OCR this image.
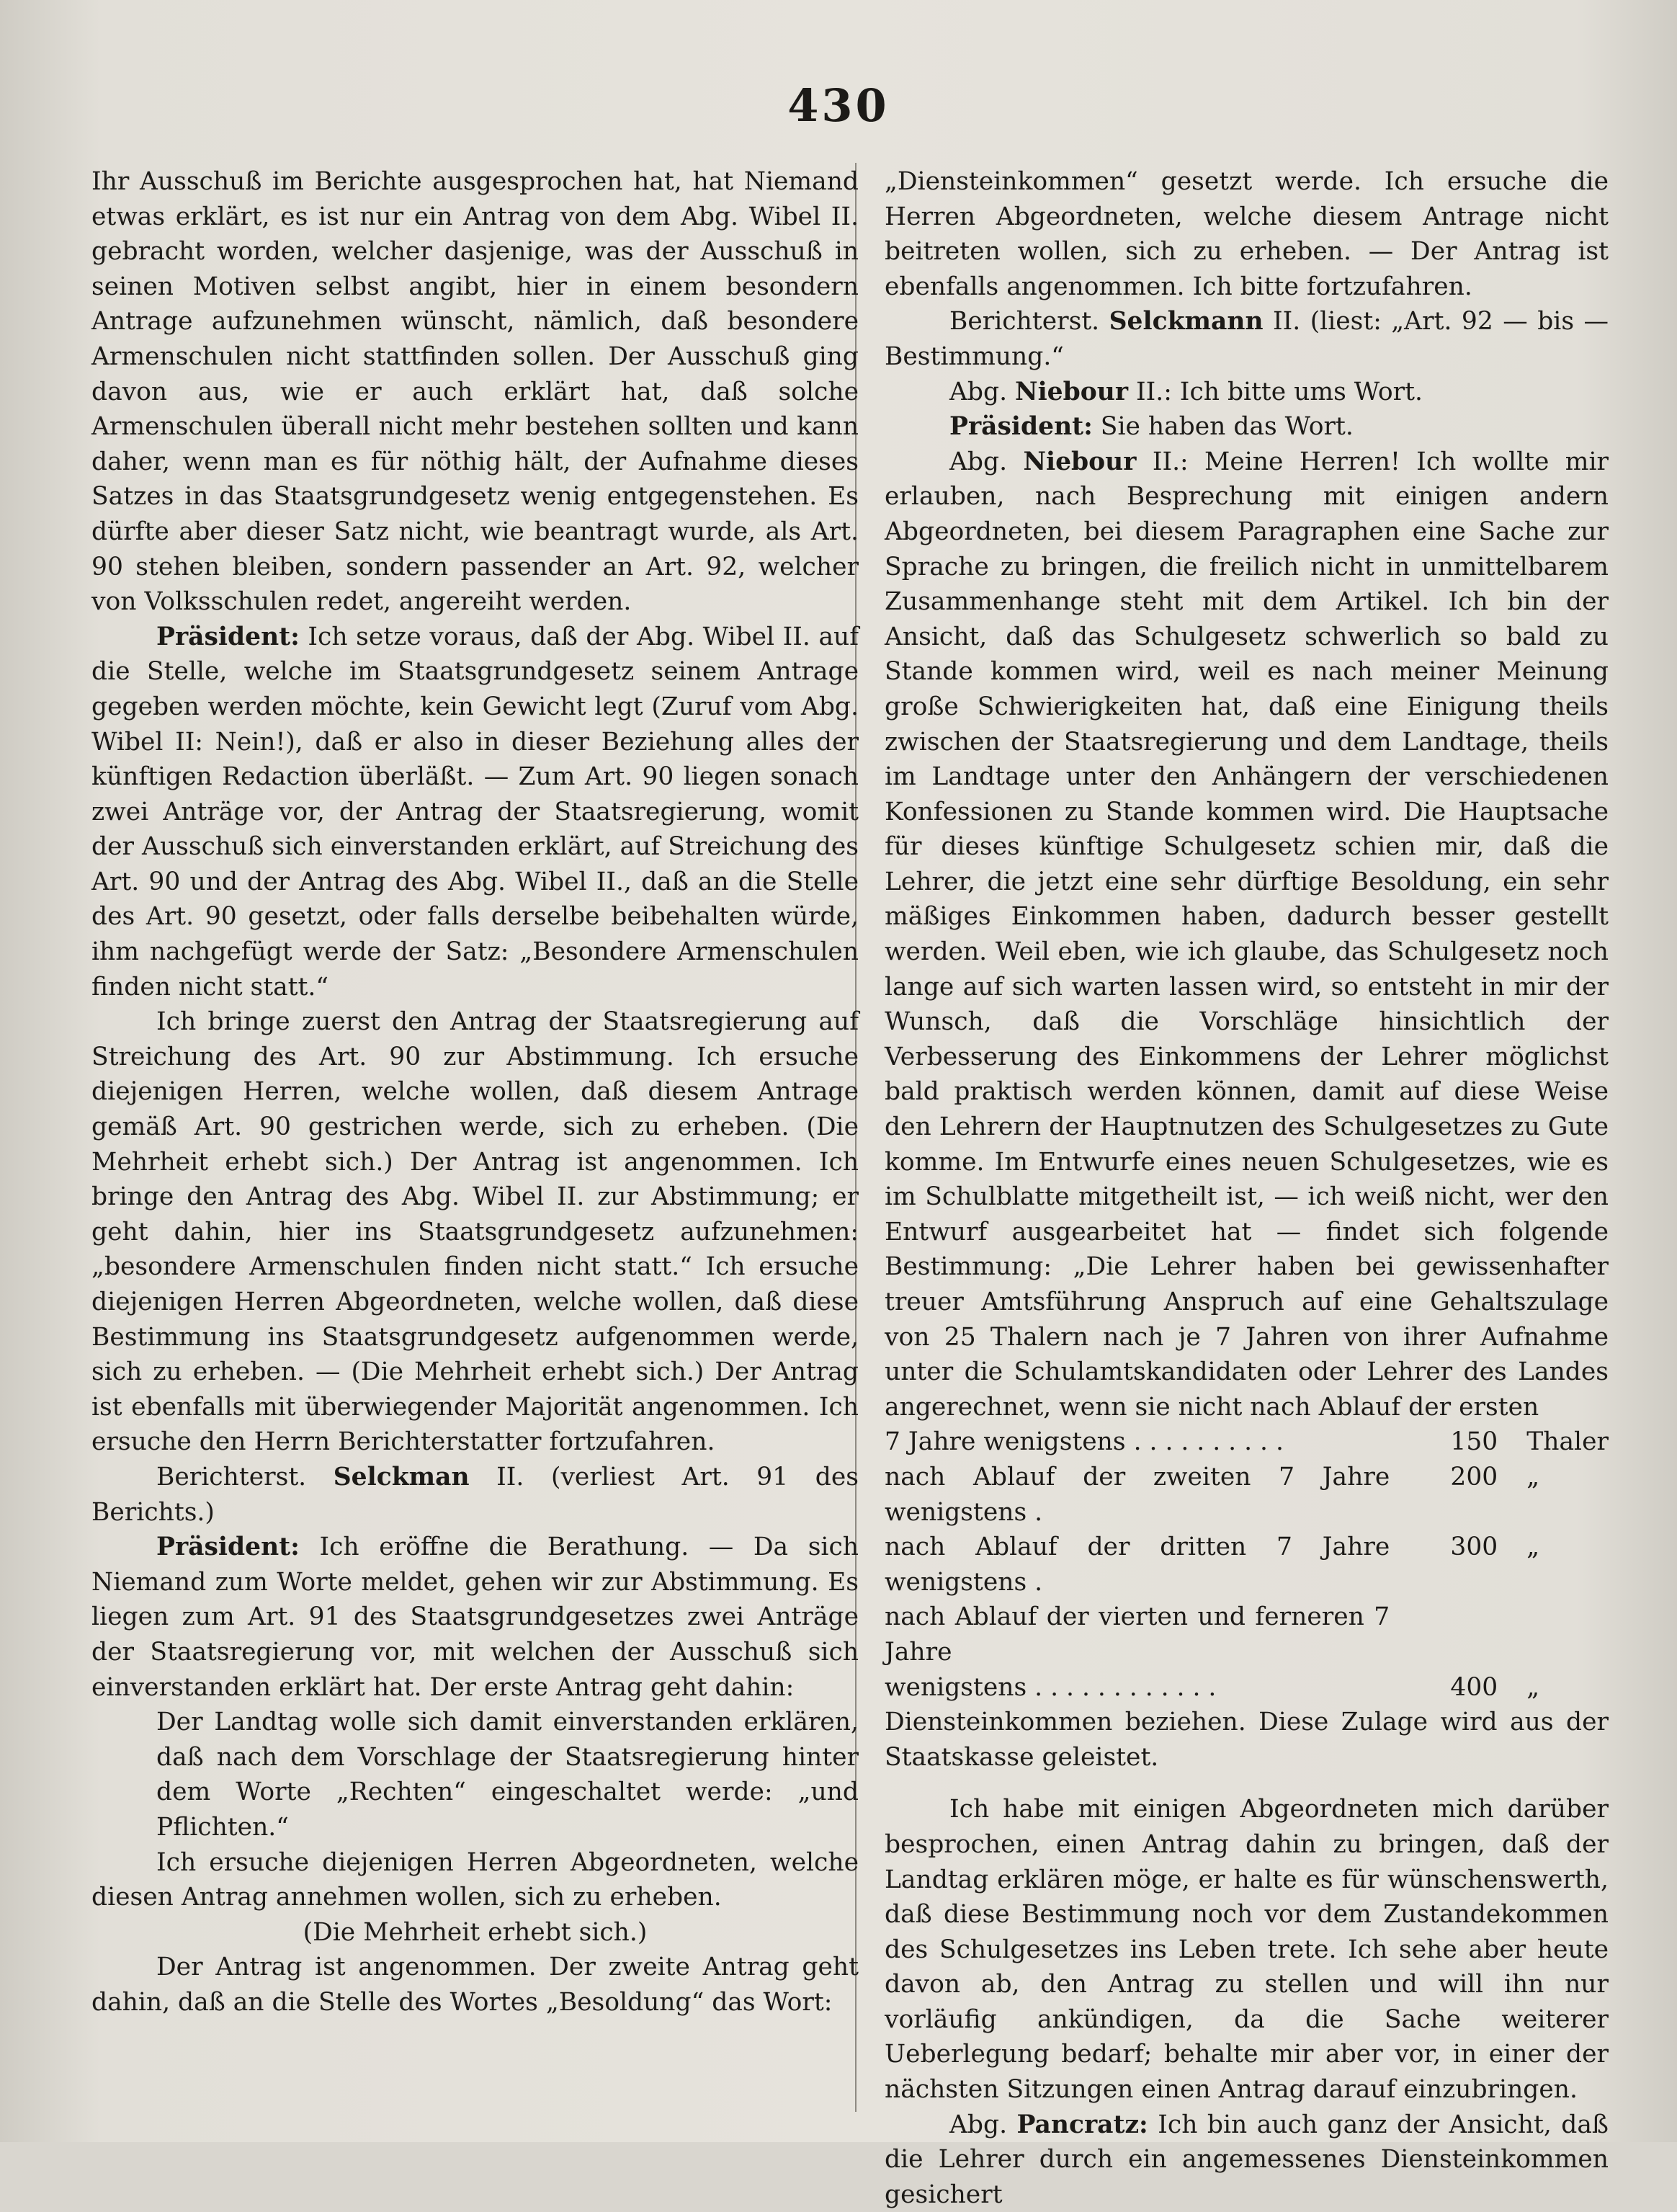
430

Ihr Ausschuß im Berichte ausgesprochen hat, hat Niemand etwas erklärt, es ist nur ein Antrag von dem Abg. Wibel II. gebracht worden, welcher dasjenige, was der Ausschuß in seinen Motiven selbst angibt, hier in einem besondern Antrage aufzunehmen wünscht, nämlich, daß besondere Armenschulen nicht stattfinden sollen. Der Ausschuß ging davon aus, wie er auch erklärt hat, daß solche Armenschulen überall nicht mehr bestehen sollten und kann daher, wenn man es für nöthig hält, der Aufnahme dieses Satzes in das Staatsgrundgesetz wenig entgegenstehen. Es dürfte aber dieser Satz nicht, wie beantragt wurde, als Art. 90 stehen bleiben, sondern passender an Art. 92, welcher von Volksschulen redet, angereiht werden.

Präsident: Ich setze voraus, daß der Abg. Wibel II. auf die Stelle, welche im Staatsgrundgesetz seinem Antrage gegeben werden möchte, kein Gewicht legt (Zuruf vom Abg. Wibel II: Nein!), daß er also in dieser Beziehung alles der künftigen Redaction überläßt. — Zum Art. 90 liegen sonach zwei Anträge vor, der Antrag der Staatsregierung, womit der Ausschuß sich einverstanden erklärt, auf Streichung des Art. 90 und der Antrag des Abg. Wibel II., daß an die Stelle des Art. 90 gesetzt, oder falls derselbe beibehalten würde, ihm nachgefügt werde der Satz: „Besondere Armenschulen finden nicht statt.“

Ich bringe zuerst den Antrag der Staatsregierung auf Streichung des Art. 90 zur Abstimmung. Ich ersuche diejenigen Herren, welche wollen, daß diesem Antrage gemäß Art. 90 gestrichen werde, sich zu erheben. (Die Mehrheit erhebt sich.) Der Antrag ist angenommen. Ich bringe den Antrag des Abg. Wibel II. zur Abstimmung; er geht dahin, hier ins Staatsgrundgesetz aufzunehmen: „besondere Armenschulen finden nicht statt.“ Ich ersuche diejenigen Herren Abgeordneten, welche wollen, daß diese Bestimmung ins Staatsgrundgesetz aufgenommen werde, sich zu erheben. — (Die Mehrheit erhebt sich.) Der Antrag ist ebenfalls mit überwiegender Majorität angenommen. Ich ersuche den Herrn Berichterstatter fortzufahren.

Berichterst. Selckman II. (verliest Art. 91 des Berichts.)

Präsident: Ich eröffne die Berathung. — Da sich Niemand zum Worte meldet, gehen wir zur Abstimmung. Es liegen zum Art. 91 des Staatsgrundgesetzes zwei Anträge der Staatsregierung vor, mit welchen der Ausschuß sich einverstanden erklärt hat. Der erste Antrag geht dahin:

Der Landtag wolle sich damit einverstanden erklären, daß nach dem Vorschlage der Staatsregierung hinter dem Worte „Rechten“ eingeschaltet werde: „und Pflichten.“

Ich ersuche diejenigen Herren Abgeordneten, welche diesen Antrag annehmen wollen, sich zu erheben.

(Die Mehrheit erhebt sich.)

Der Antrag ist angenommen. Der zweite Antrag geht dahin, daß an die Stelle des Wortes „Besoldung“ das Wort:

„Diensteinkommen“ gesetzt werde. Ich ersuche die Herren Abgeordneten, welche diesem Antrage nicht beitreten wollen, sich zu erheben. — Der Antrag ist ebenfalls angenommen. Ich bitte fortzufahren.

Berichterst. Selckmann II. (liest: „Art. 92 — bis — Bestimmung.“

Abg. Niebour II.: Ich bitte ums Wort.

Präsident: Sie haben das Wort.

Abg. Niebour II.: Meine Herren! Ich wollte mir erlauben, nach Besprechung mit einigen andern Abgeordneten, bei diesem Paragraphen eine Sache zur Sprache zu bringen, die freilich nicht in unmittelbarem Zusammenhange steht mit dem Artikel. Ich bin der Ansicht, daß das Schulgesetz schwerlich so bald zu Stande kommen wird, weil es nach meiner Meinung große Schwierigkeiten hat, daß eine Einigung theils zwischen der Staatsregierung und dem Landtage, theils im Landtage unter den Anhängern der verschiedenen Konfessionen zu Stande kommen wird. Die Hauptsache für dieses künftige Schulgesetz schien mir, daß die Lehrer, die jetzt eine sehr dürftige Besoldung, ein sehr mäßiges Einkommen haben, dadurch besser gestellt werden. Weil eben, wie ich glaube, das Schulgesetz noch lange auf sich warten lassen wird, so entsteht in mir der Wunsch, daß die Vorschläge hinsichtlich der Verbesserung des Einkommens der Lehrer möglichst bald praktisch werden können, damit auf diese Weise den Lehrern der Hauptnutzen des Schulgesetzes zu Gute komme. Im Entwurfe eines neuen Schulgesetzes, wie es im Schulblatte mitgetheilt ist, — ich weiß nicht, wer den Entwurf ausgearbeitet hat — findet sich folgende Bestimmung: „Die Lehrer haben bei gewissenhafter treuer Amtsführung Anspruch auf eine Gehaltszulage von 25 Thalern nach je 7 Jahren von ihrer Aufnahme unter die Schulamtskandidaten oder Lehrer des Landes angerechnet, wenn sie nicht nach Ablauf der ersten

7 Jahre wenigstens . . . . . . . . . .	150	Thaler
nach Ablauf der zweiten 7 Jahre wenigstens .	200	„
nach Ablauf der dritten 7 Jahre wenigstens .	300	„
nach Ablauf der vierten und ferneren 7 Jahre		
wenigstens . . . . . . . . . . . .	400	„

Diensteinkommen beziehen. Diese Zulage wird aus der Staatskasse geleistet.

Ich habe mit einigen Abgeordneten mich darüber besprochen, einen Antrag dahin zu bringen, daß der Landtag erklären möge, er halte es für wünschenswerth, daß diese Bestimmung noch vor dem Zustandekommen des Schulgesetzes ins Leben trete. Ich sehe aber heute davon ab, den Antrag zu stellen und will ihn nur vorläufig ankündigen, da die Sache weiterer Ueberlegung bedarf; behalte mir aber vor, in einer der nächsten Sitzungen einen Antrag darauf einzubringen.

Abg. Pancratz: Ich bin auch ganz der Ansicht, daß die Lehrer durch ein angemessenes Diensteinkommen gesichert
